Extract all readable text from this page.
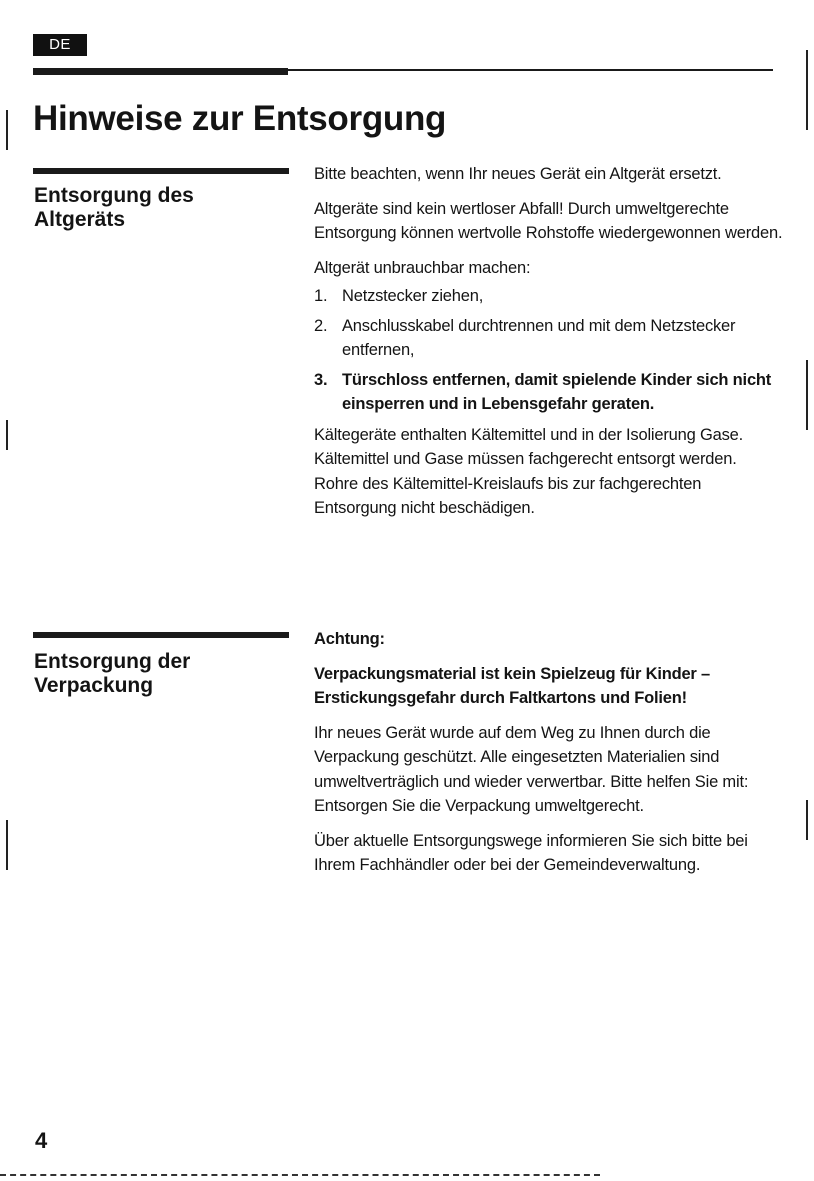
DE
Hinweise zur Entsorgung
Entsorgung des Altgeräts

Bitte beachten, wenn Ihr neues Gerät ein Altgerät ersetzt.

Altgeräte sind kein wertloser Abfall! Durch umweltgerechte Entsorgung können wertvolle Rohstoffe wiedergewonnen werden.

Altgerät unbrauchbar machen:

1. Netzstecker ziehen,
2. Anschlusskabel durchtrennen und mit dem Netzstecker entfernen,
3. Türschloss entfernen, damit spielende Kinder sich nicht einsperren und in Lebensgefahr geraten.

Kältegeräte enthalten Kältemittel und in der Isolierung Gase. Kältemittel und Gase müssen fachgerecht entsorgt werden. Rohre des Kältemittel-Kreislaufs bis zur fachgerechten Entsorgung nicht beschädigen.

Entsorgung der Verpackung

Achtung:

Verpackungsmaterial ist kein Spielzeug für Kinder – Erstickungsgefahr durch Faltkartons und Folien!

Ihr neues Gerät wurde auf dem Weg zu Ihnen durch die Verpackung geschützt. Alle eingesetzten Materialien sind umweltverträglich und wieder verwertbar. Bitte helfen Sie mit: Entsorgen Sie die Verpackung umweltgerecht.

Über aktuelle Entsorgungswege informieren Sie sich bitte bei Ihrem Fachhändler oder bei der Gemeindeverwaltung.

4
